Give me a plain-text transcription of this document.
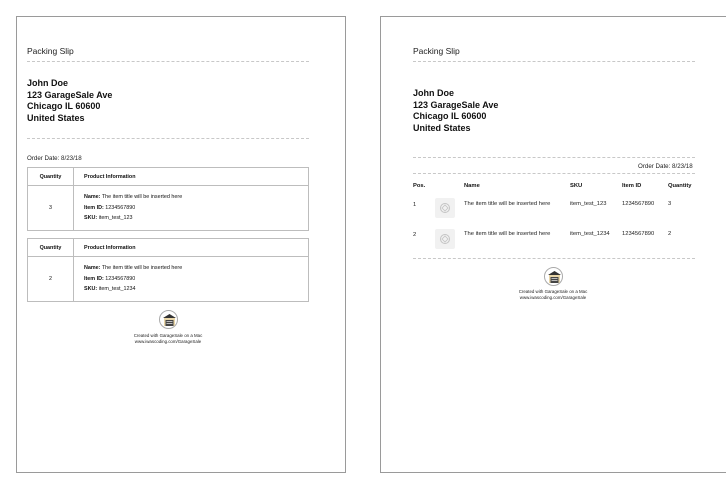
Packing Slip
John Doe
123 GarageSale Ave
Chicago IL 60600
United States
Order Date: 8/23/18
Quantity	Product Information
3	Name: The item title will be inserted here
Item ID: 1234567890
SKU: item_test_123
Quantity	Product Information
2	Name: The item title will be inserted here
Item ID: 1234567890
SKU: item_test_1234
Created with GarageSale on a Mac
www.iwascoding.com/GarageSale
Packing Slip
John Doe
123 GarageSale Ave
Chicago IL 60600
United States
Order Date: 8/23/18
Pos.	Name	SKU	Item ID	Quantity
1	The item title will be inserted here	item_test_123	1234567890 3
2	The item title will be inserted here	item_test_1234 1234567890 2
Created with GarageSale on a Mac
www.iwascoding.com/GarageSale
